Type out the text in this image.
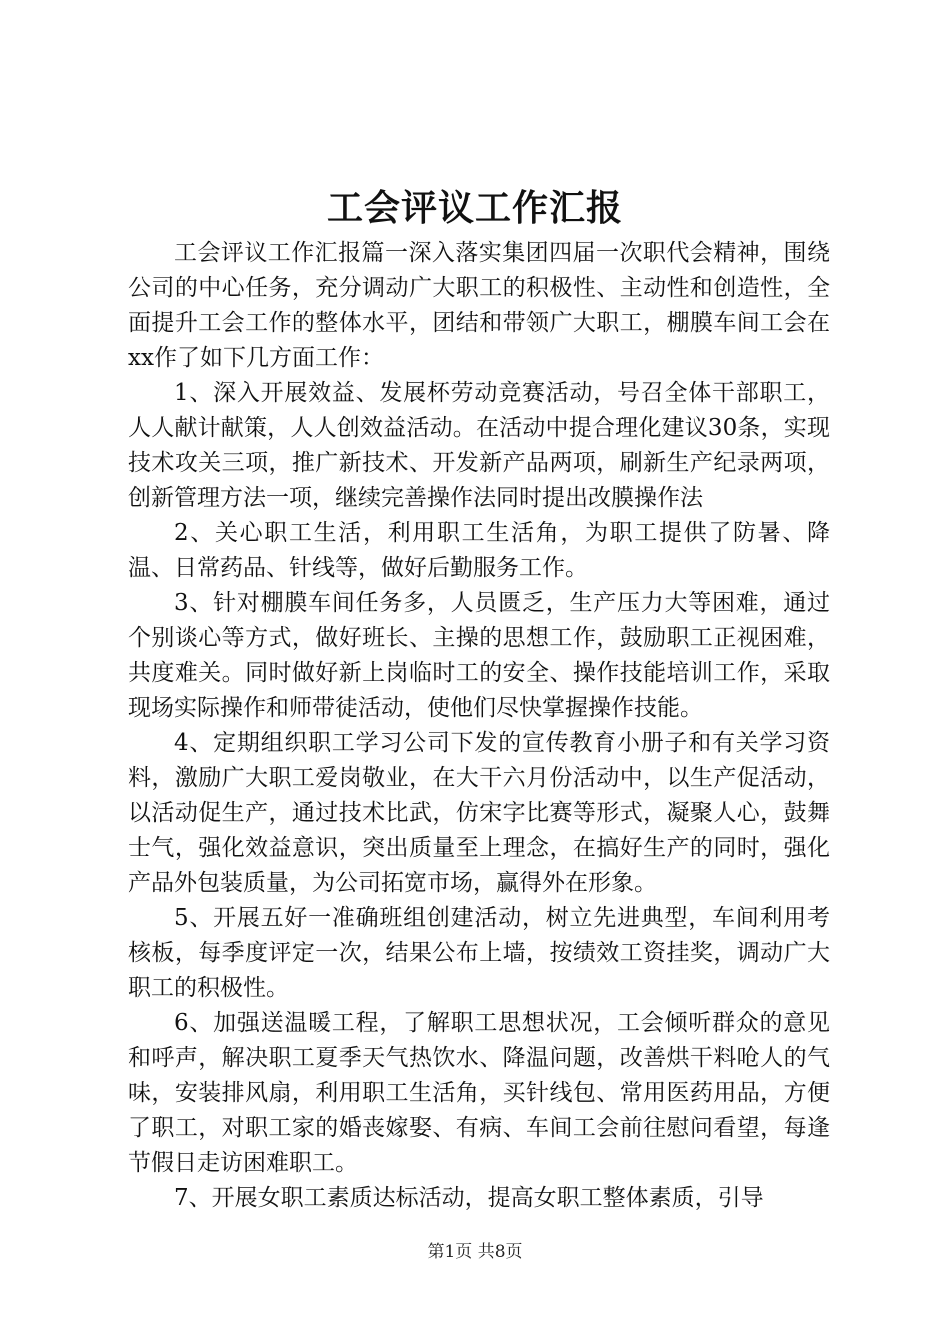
工会评议工作汇报

工会评议工作汇报篇一深入落实集团四届一次职代会精神，围绕公司的中心任务，充分调动广大职工的积极性、主动性和创造性，全面提升工会工作的整体水平，团结和带领广大职工，棚膜车间工会在xx作了如下几方面工作：

1、深入开展效益、发展杯劳动竞赛活动，号召全体干部职工，人人献计献策，人人创效益活动。在活动中提合理化建议30条，实现技术攻关三项，推广新技术、开发新产品两项，刷新生产纪录两项，创新管理方法一项，继续完善操作法同时提出改膜操作法

2、关心职工生活，利用职工生活角，为职工提供了防暑、降温、日常药品、针线等，做好后勤服务工作。

3、针对棚膜车间任务多，人员匮乏，生产压力大等困难，通过个别谈心等方式，做好班长、主操的思想工作，鼓励职工正视困难，共度难关。同时做好新上岗临时工的安全、操作技能培训工作，采取现场实际操作和师带徒活动，使他们尽快掌握操作技能。

4、定期组织职工学习公司下发的宣传教育小册子和有关学习资料，激励广大职工爱岗敬业，在大干六月份活动中，以生产促活动，以活动促生产，通过技术比武，仿宋字比赛等形式，凝聚人心，鼓舞士气，强化效益意识，突出质量至上理念，在搞好生产的同时，强化产品外包装质量，为公司拓宽市场，赢得外在形象。

5、开展五好一准确班组创建活动，树立先进典型，车间利用考核板，每季度评定一次，结果公布上墙，按绩效工资挂奖，调动广大职工的积极性。

6、加强送温暖工程，了解职工思想状况，工会倾听群众的意见和呼声，解决职工夏季天气热饮水、降温问题，改善烘干料呛人的气味，安装排风扇，利用职工生活角，买针线包、常用医药用品，方便了职工，对职工家的婚丧嫁娶、有病、车间工会前往慰问看望，每逢节假日走访困难职工。

7、开展女职工素质达标活动，提高女职工整体素质，引导

第1页 共8页
